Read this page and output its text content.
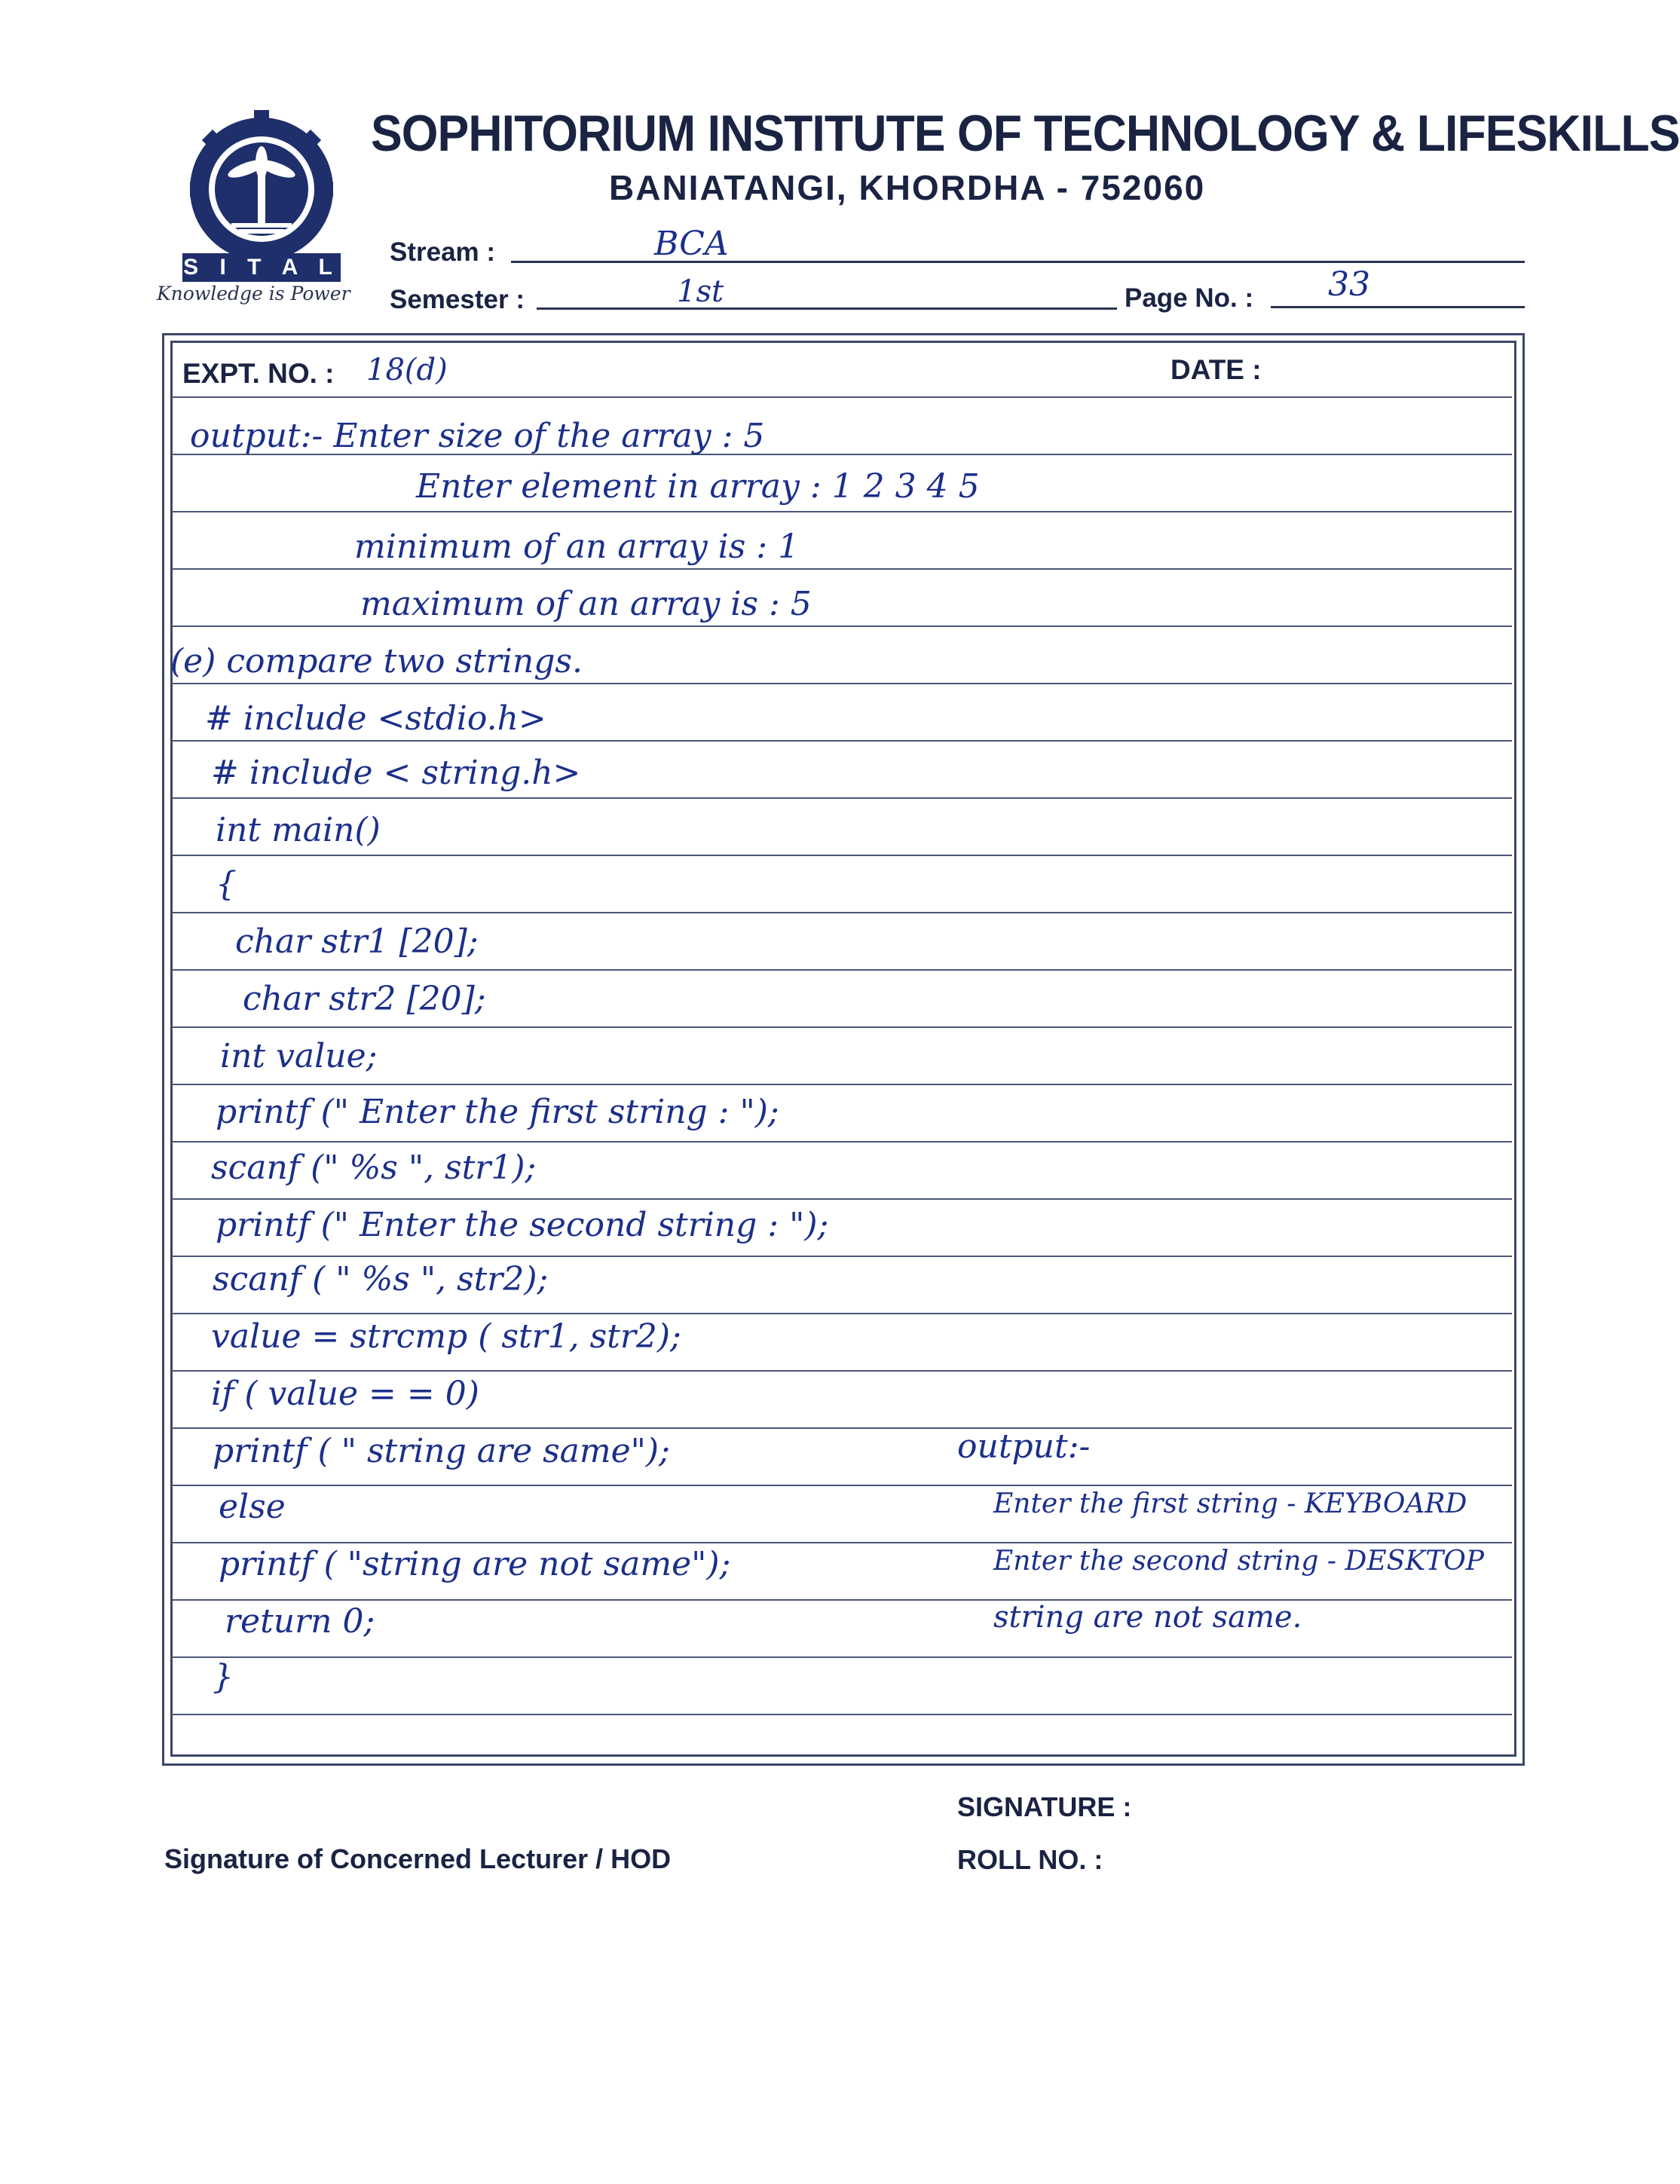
S I T A L
Knowledge is Power
SOPHITORIUM INSTITUTE OF TECHNOLOGY & LIFESKILLS
BANIATANGI, KHORDHA - 752060
Stream :	BCA
Semester :	1st	Page No. : 33
EXPT. NO. : 18(d)	DATE :
output:- Enter size of the array : 5
Enter element in array : 1 2 3 4 5
minimum of an array is : 1
maximum of an array is : 5
(e) compare two strings.
# include <stdio.h>
# include < string.h>
int main()
{
char str1 [20];
char str2 [20];
int value;
printf (" Enter the first string : ");
scanf (" %s ", str1);
printf (" Enter the second string : ");
scanf ( " %s ", str2);
value = strcmp ( str1, str2);
if ( value = = 0)
printf ( " string are same");
else
printf ( "string are not same");
return 0;
}
output:-
Enter the first string - KEYBOARD
Enter the second string - DESKTOP
string are not same.
SIGNATURE :
ROLL NO. :
Signature of Concerned Lecturer / HOD
